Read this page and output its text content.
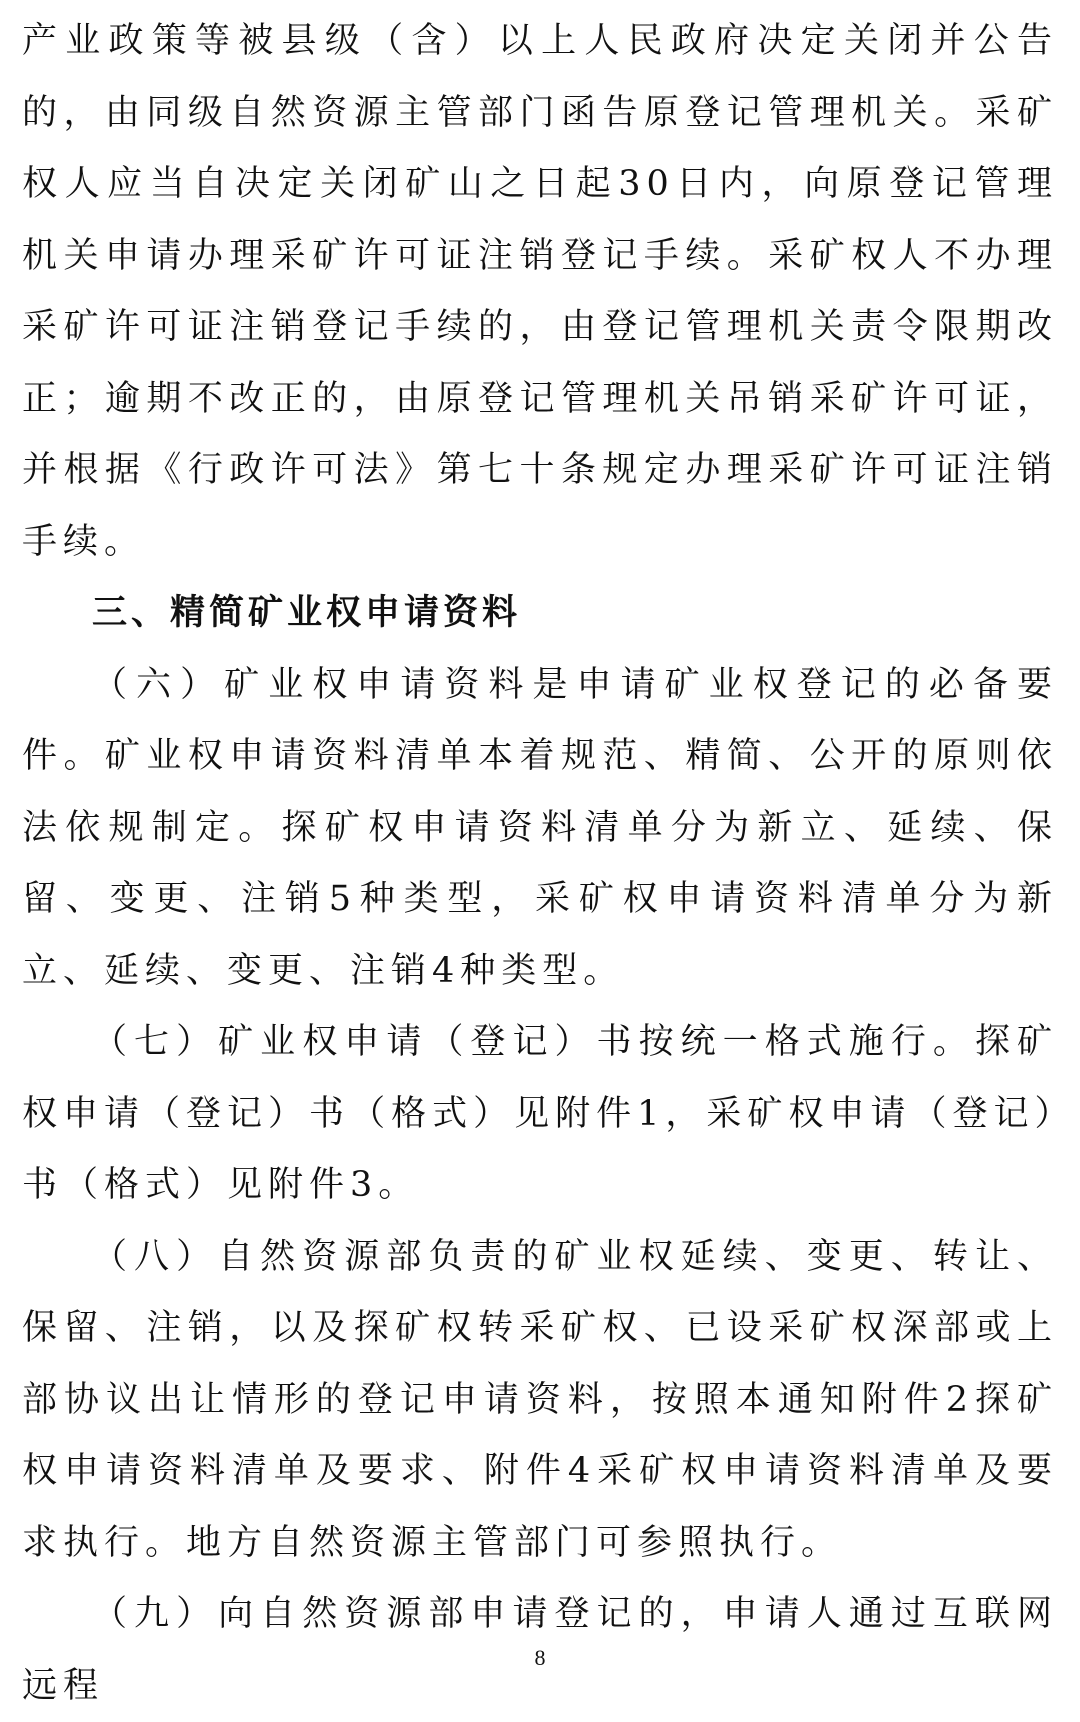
产业政策等被县级（含）以上人民政府决定关闭并公告的，由同级自然资源主管部门函告原登记管理机关。采矿权人应当自决定关闭矿山之日起30日内，向原登记管理机关申请办理采矿许可证注销登记手续。采矿权人不办理采矿许可证注销登记手续的，由登记管理机关责令限期改正；逾期不改正的，由原登记管理机关吊销采矿许可证，并根据《行政许可法》第七十条规定办理采矿许可证注销手续。

三、精简矿业权申请资料

（六）矿业权申请资料是申请矿业权登记的必备要件。矿业权申请资料清单本着规范、精简、公开的原则依法依规制定。探矿权申请资料清单分为新立、延续、保留、变更、注销5种类型，采矿权申请资料清单分为新立、延续、变更、注销4种类型。

（七）矿业权申请（登记）书按统一格式施行。探矿权申请（登记）书（格式）见附件1，采矿权申请（登记）书（格式）见附件3。

（八）自然资源部负责的矿业权延续、变更、转让、保留、注销，以及探矿权转采矿权、已设采矿权深部或上部协议出让情形的登记申请资料，按照本通知附件2探矿权申请资料清单及要求、附件4采矿权申请资料清单及要求执行。地方自然资源主管部门可参照执行。

（九）向自然资源部申请登记的，申请人通过互联网远程

8
